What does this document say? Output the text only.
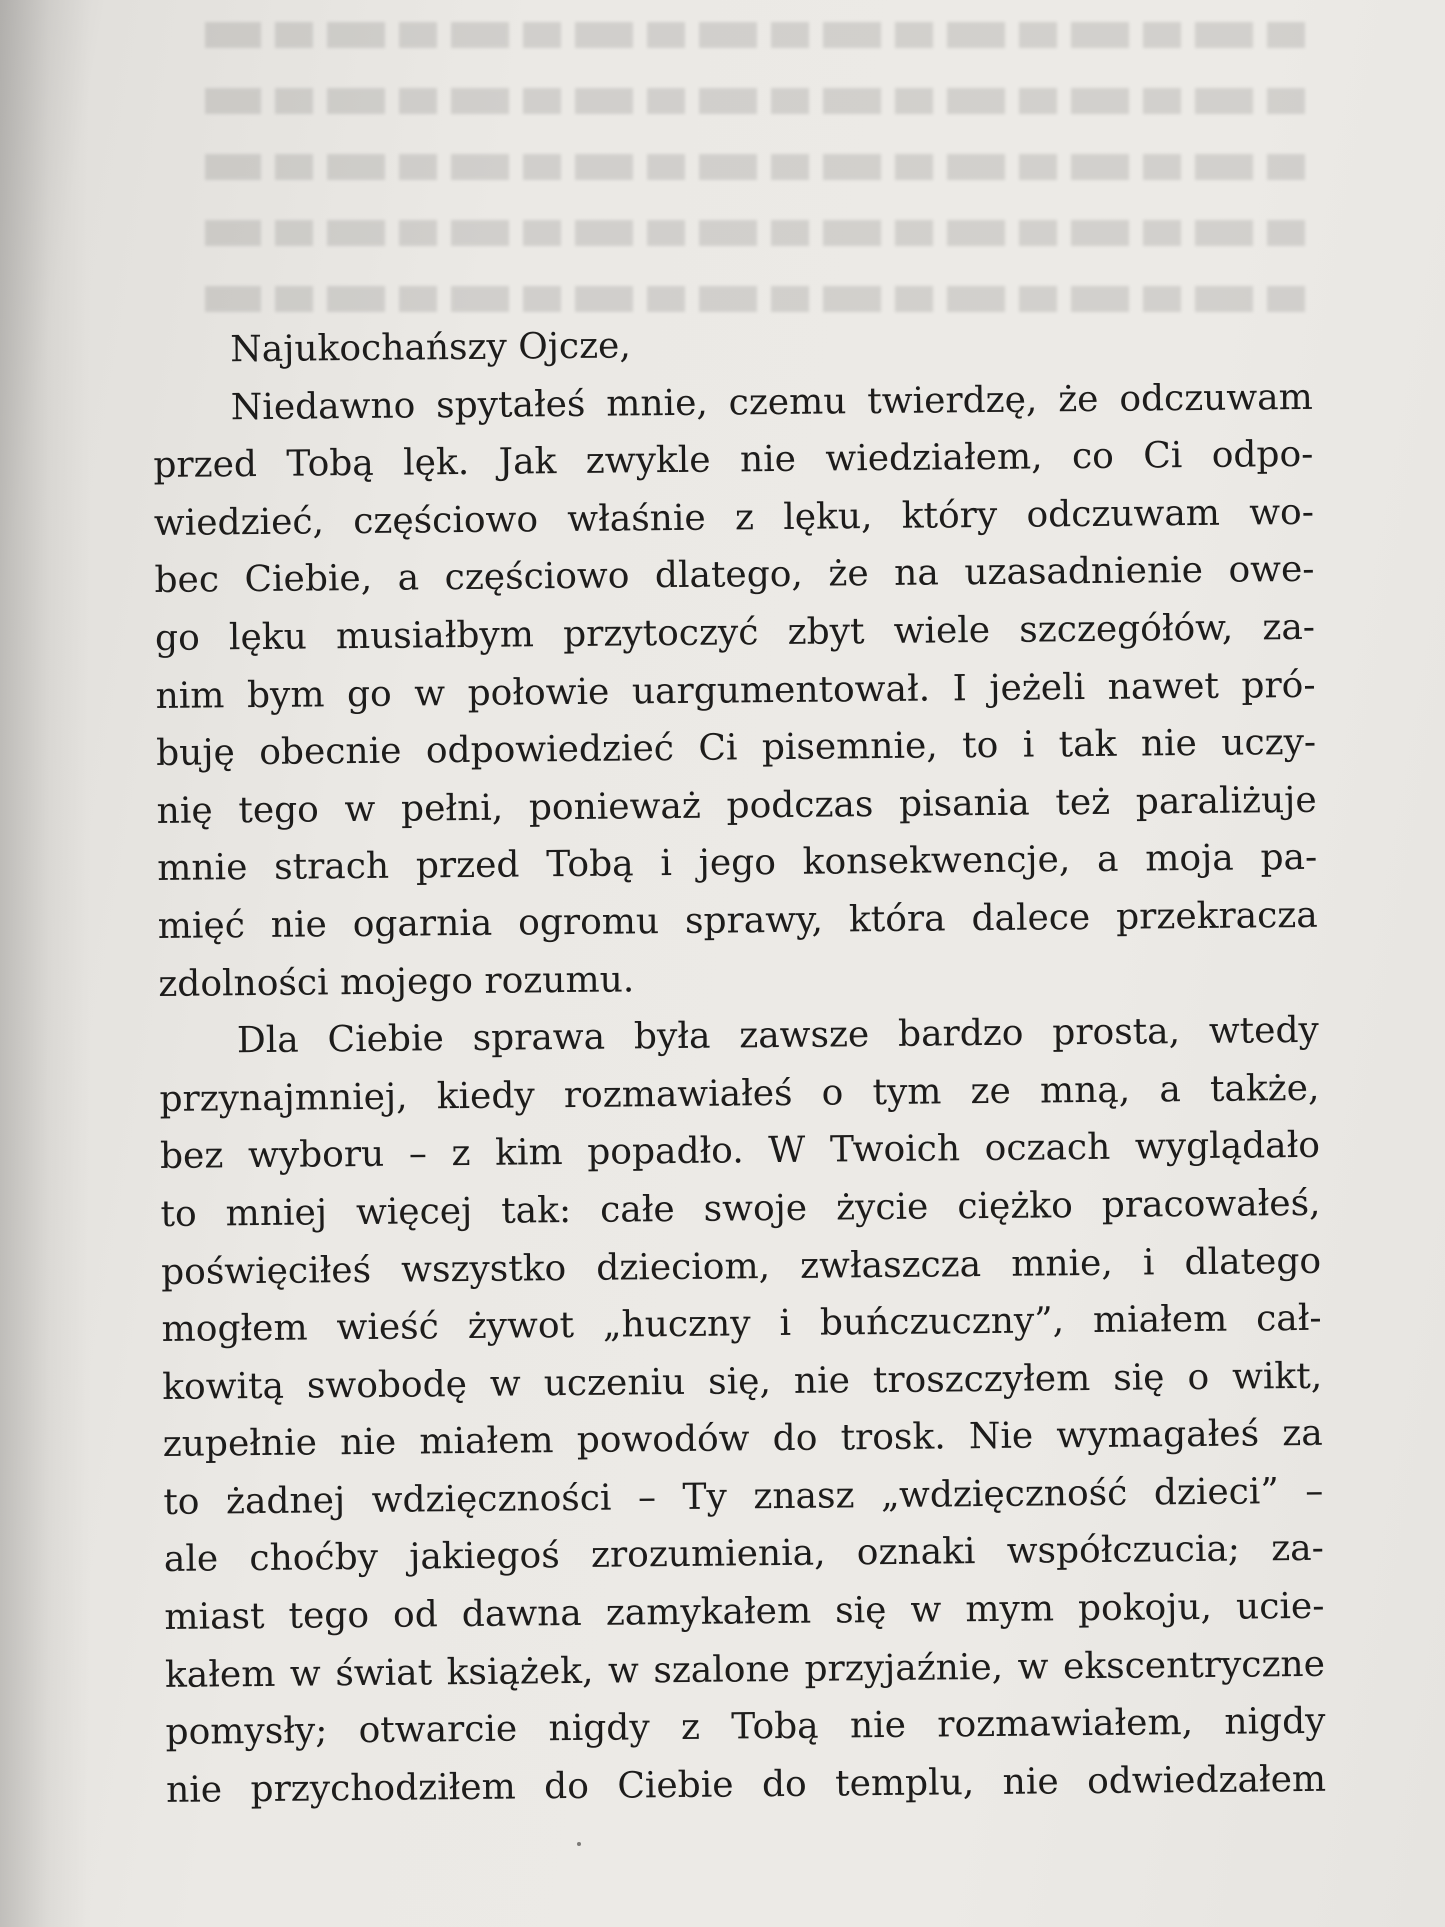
Najukochańszy Ojcze,
Niedawno spytałeś mnie, czemu twierdzę, że odczuwam
przed Tobą lęk. Jak zwykle nie wiedziałem, co Ci odpo-
wiedzieć, częściowo właśnie z lęku, który odczuwam wo-
bec Ciebie, a częściowo dlatego, że na uzasadnienie owe-
go lęku musiałbym przytoczyć zbyt wiele szczegółów, za-
nim bym go w połowie uargumentował. I jeżeli nawet pró-
buję obecnie odpowiedzieć Ci pisemnie, to i tak nie uczy-
nię tego w pełni, ponieważ podczas pisania też paraliżuje
mnie strach przed Tobą i jego konsekwencje, a moja pa-
mięć nie ogarnia ogromu sprawy, która dalece przekracza
zdolności mojego rozumu.
Dla Ciebie sprawa była zawsze bardzo prosta, wtedy
przynajmniej, kiedy rozmawiałeś o tym ze mną, a także,
bez wyboru – z kim popadło. W Twoich oczach wyglądało
to mniej więcej tak: całe swoje życie ciężko pracowałeś,
poświęciłeś wszystko dzieciom, zwłaszcza mnie, i dlatego
mogłem wieść żywot „huczny i buńczuczny”, miałem cał-
kowitą swobodę w uczeniu się, nie troszczyłem się o wikt,
zupełnie nie miałem powodów do trosk. Nie wymagałeś za
to żadnej wdzięczności – Ty znasz „wdzięczność dzieci” –
ale choćby jakiegoś zrozumienia, oznaki współczucia; za-
miast tego od dawna zamykałem się w mym pokoju, ucie-
kałem w świat książek, w szalone przyjaźnie, w ekscentryczne
pomysły; otwarcie nigdy z Tobą nie rozmawiałem, nigdy
nie przychodziłem do Ciebie do templu, nie odwiedzałem
